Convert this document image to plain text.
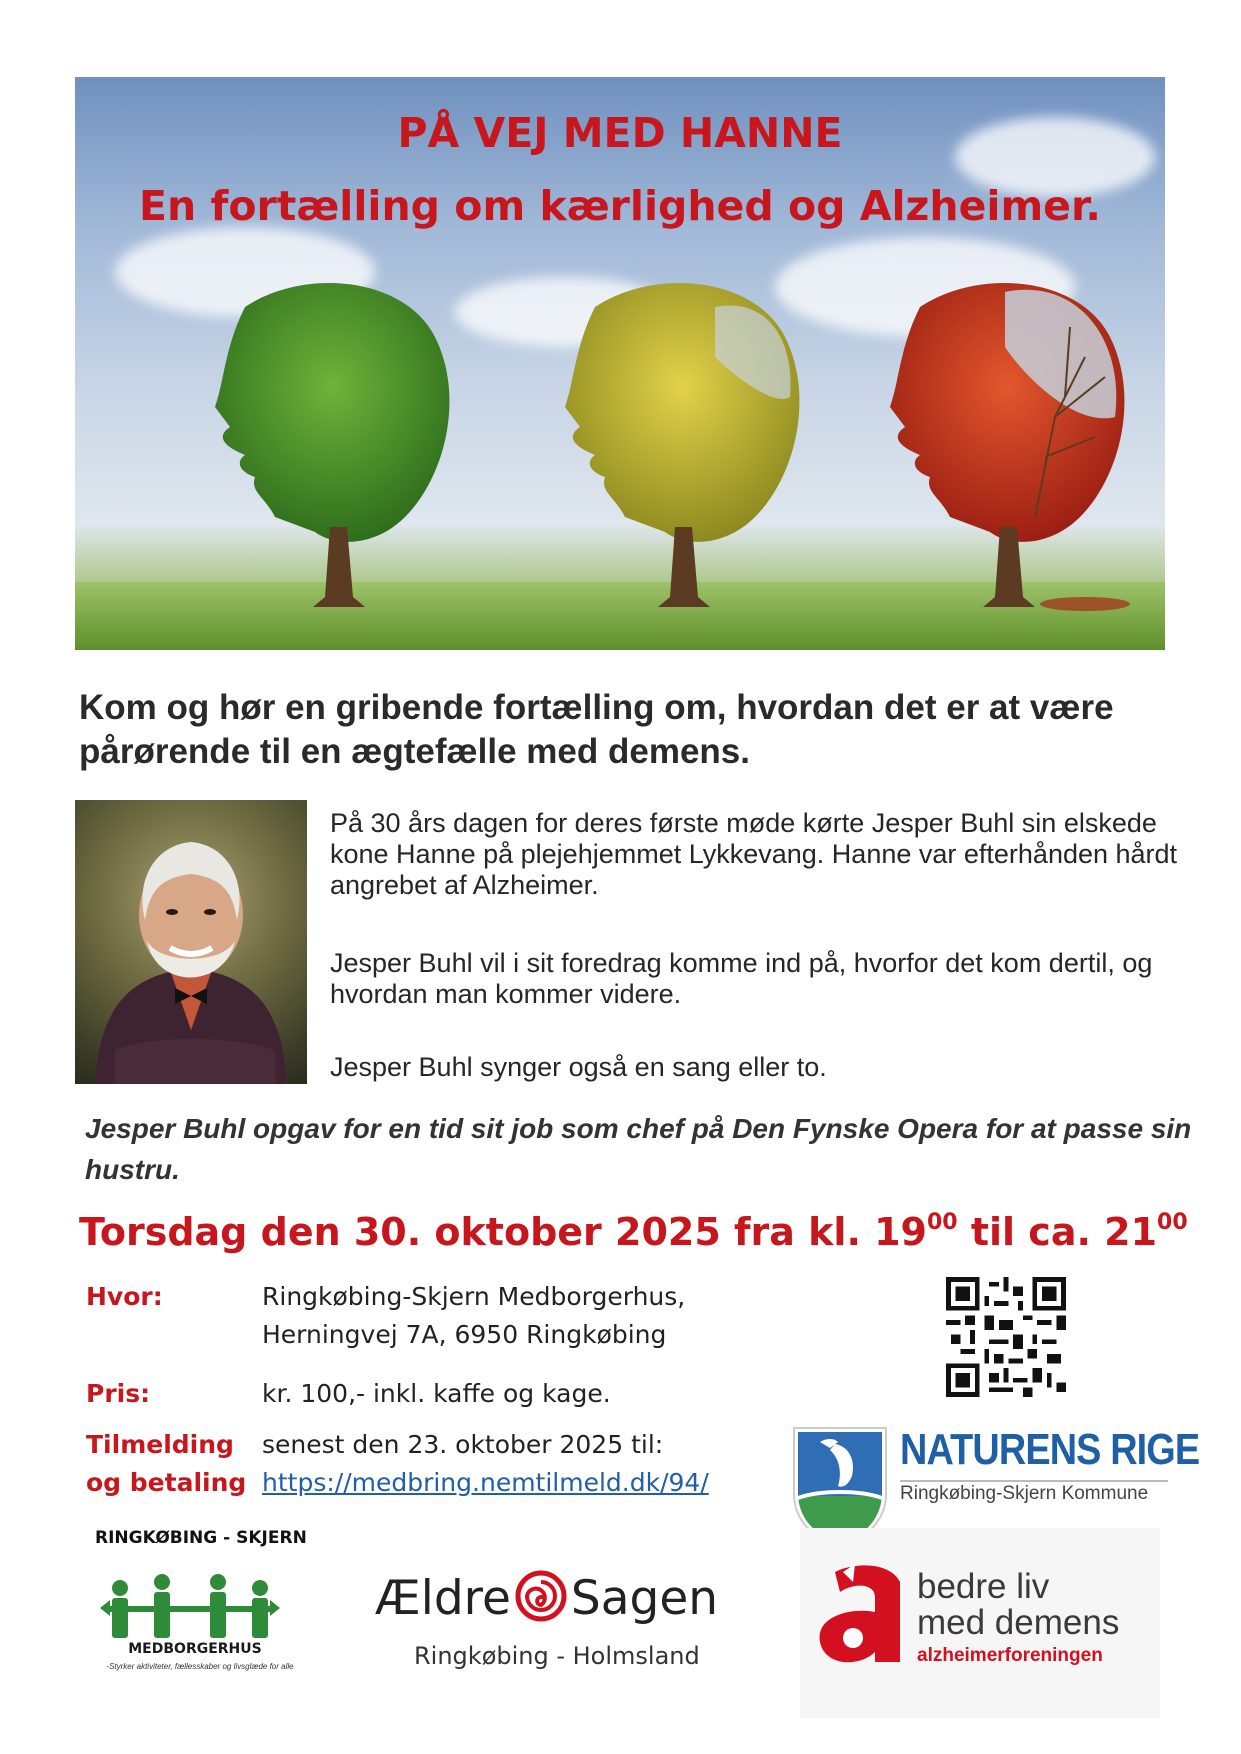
PÅ VEJ MED HANNE
En fortælling om kærlighed og Alzheimer.
Kom og hør en gribende fortælling om, hvordan det er at være pårørende til en ægtefælle med demens.
På 30 års dagen for deres første møde kørte Jesper Buhl sin elskede kone Hanne på plejehjemmet Lykkevang. Hanne var efterhånden hårdt angrebet af Alzheimer.
Jesper Buhl vil i sit foredrag komme ind på, hvorfor det kom dertil, og hvordan man kommer videre.
Jesper Buhl synger også en sang eller to.
Jesper Buhl opgav for en tid sit job som chef på Den Fynske Opera for at passe sin hustru.
Torsdag den 30. oktober 2025 fra kl. $19^{00}$ til ca. $21^{00}$
Hvor:	Ringkøbing-Skjern Medborgerhus,
Herningvej 7A, 6950 Ringkøbing
Pris:	kr. 100,- inkl. kaffe og kage.
Tilmelding
og betaling
senest den 23. oktober 2025 til:
https://medbring.nemtilmeld.dk/94/
NATURENS RIGE
Ringkøbing-Skjern Kommune
RINGKØBING - SKJERN
MEDBORGERHUS
-Styrker aktiviteter, fællesskaber og livsglæde for alle
Ældre Sagen
Ringkøbing - Holmsland
bedre liv
med demens
alzheimerforeningen
